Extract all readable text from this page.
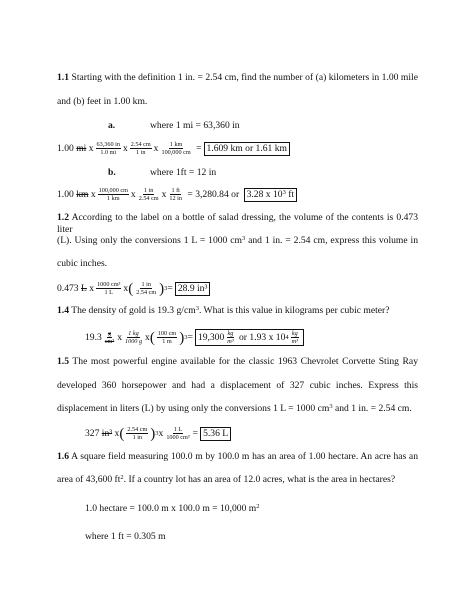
1.1 Starting with the definition 1 in. = 2.54 cm, find the number of (a) kilometers in 1.00 mile
and (b) feet in 1.00 km.
a.	where 1 mi = 63,360 in
1.00
mi
x $\frac{63,360 in}{1.0 mi}$ x $\frac{2.54 cm}{1 in}$ x $\frac{1 km}{100,000 cm}$
= 1.609 km or 1.61 km
b.	where 1ft = 12 in
1.00
km
x $\frac{100,000 cm}{1 km}$ x $\frac{1 in}{2.54 cm}$ x $\frac{1 ft}{12 in}$
= 3,280.84 or 3.28 x $10^3$ ft
1.2 According to the label on a bottle of salad dressing, the volume of the contents is 0.473 liter
(L). Using only the conversions 1 L = 1000 $cm^3$ and 1 in. = 2.54 cm, express this volume in
cubic inches.
0.473
L
x $\frac{\text{1000 cm³}}{1 L}$ x ( $\frac{1 in}{2.54 cm}$ ) 3 = 28.9 in³
1.4 The density of gold is 19.3 $g/cm^3$. What is this value in kilograms per cubic meter?
$19.3 \frac{g}{\text{cm³}}$ x $\frac{1 kg}{1000 g}$ x ( $\frac{100 cm}{1 m}$ ) $3 = 19,300 \frac{kg}{\text{m³}}$ or 1.93 x 10 $4 \frac{kg}{\text{m³}}$
1.5 The most powerful engine available for the classic 1963 Chevrolet Corvette Sting Ray
developed 360 horsepower and had a displacement of 327 cubic inches. Express this
displacement in liters (L) by using only the conversions 1 L = 1000 $cm^3$ and 1 in. = 2.54 cm.
327
in³
x ( $\frac{2.54 cm}{1 in}$ ) 3 x $\frac{1 L}{\text{1000 cm³}} = 5.36$ L
1.6 A square field measuring 100.0 m by 100.0 m has an area of 1.00 hectare. An acre has an
area of 43,600 $ft^2$. If a country lot has an area of 12.0 acres, what is the area in hectares?
1.0 hectare = 100.0 m x 100.0 m = 10,000 $m^2$
where 1 ft = 0.305 m
